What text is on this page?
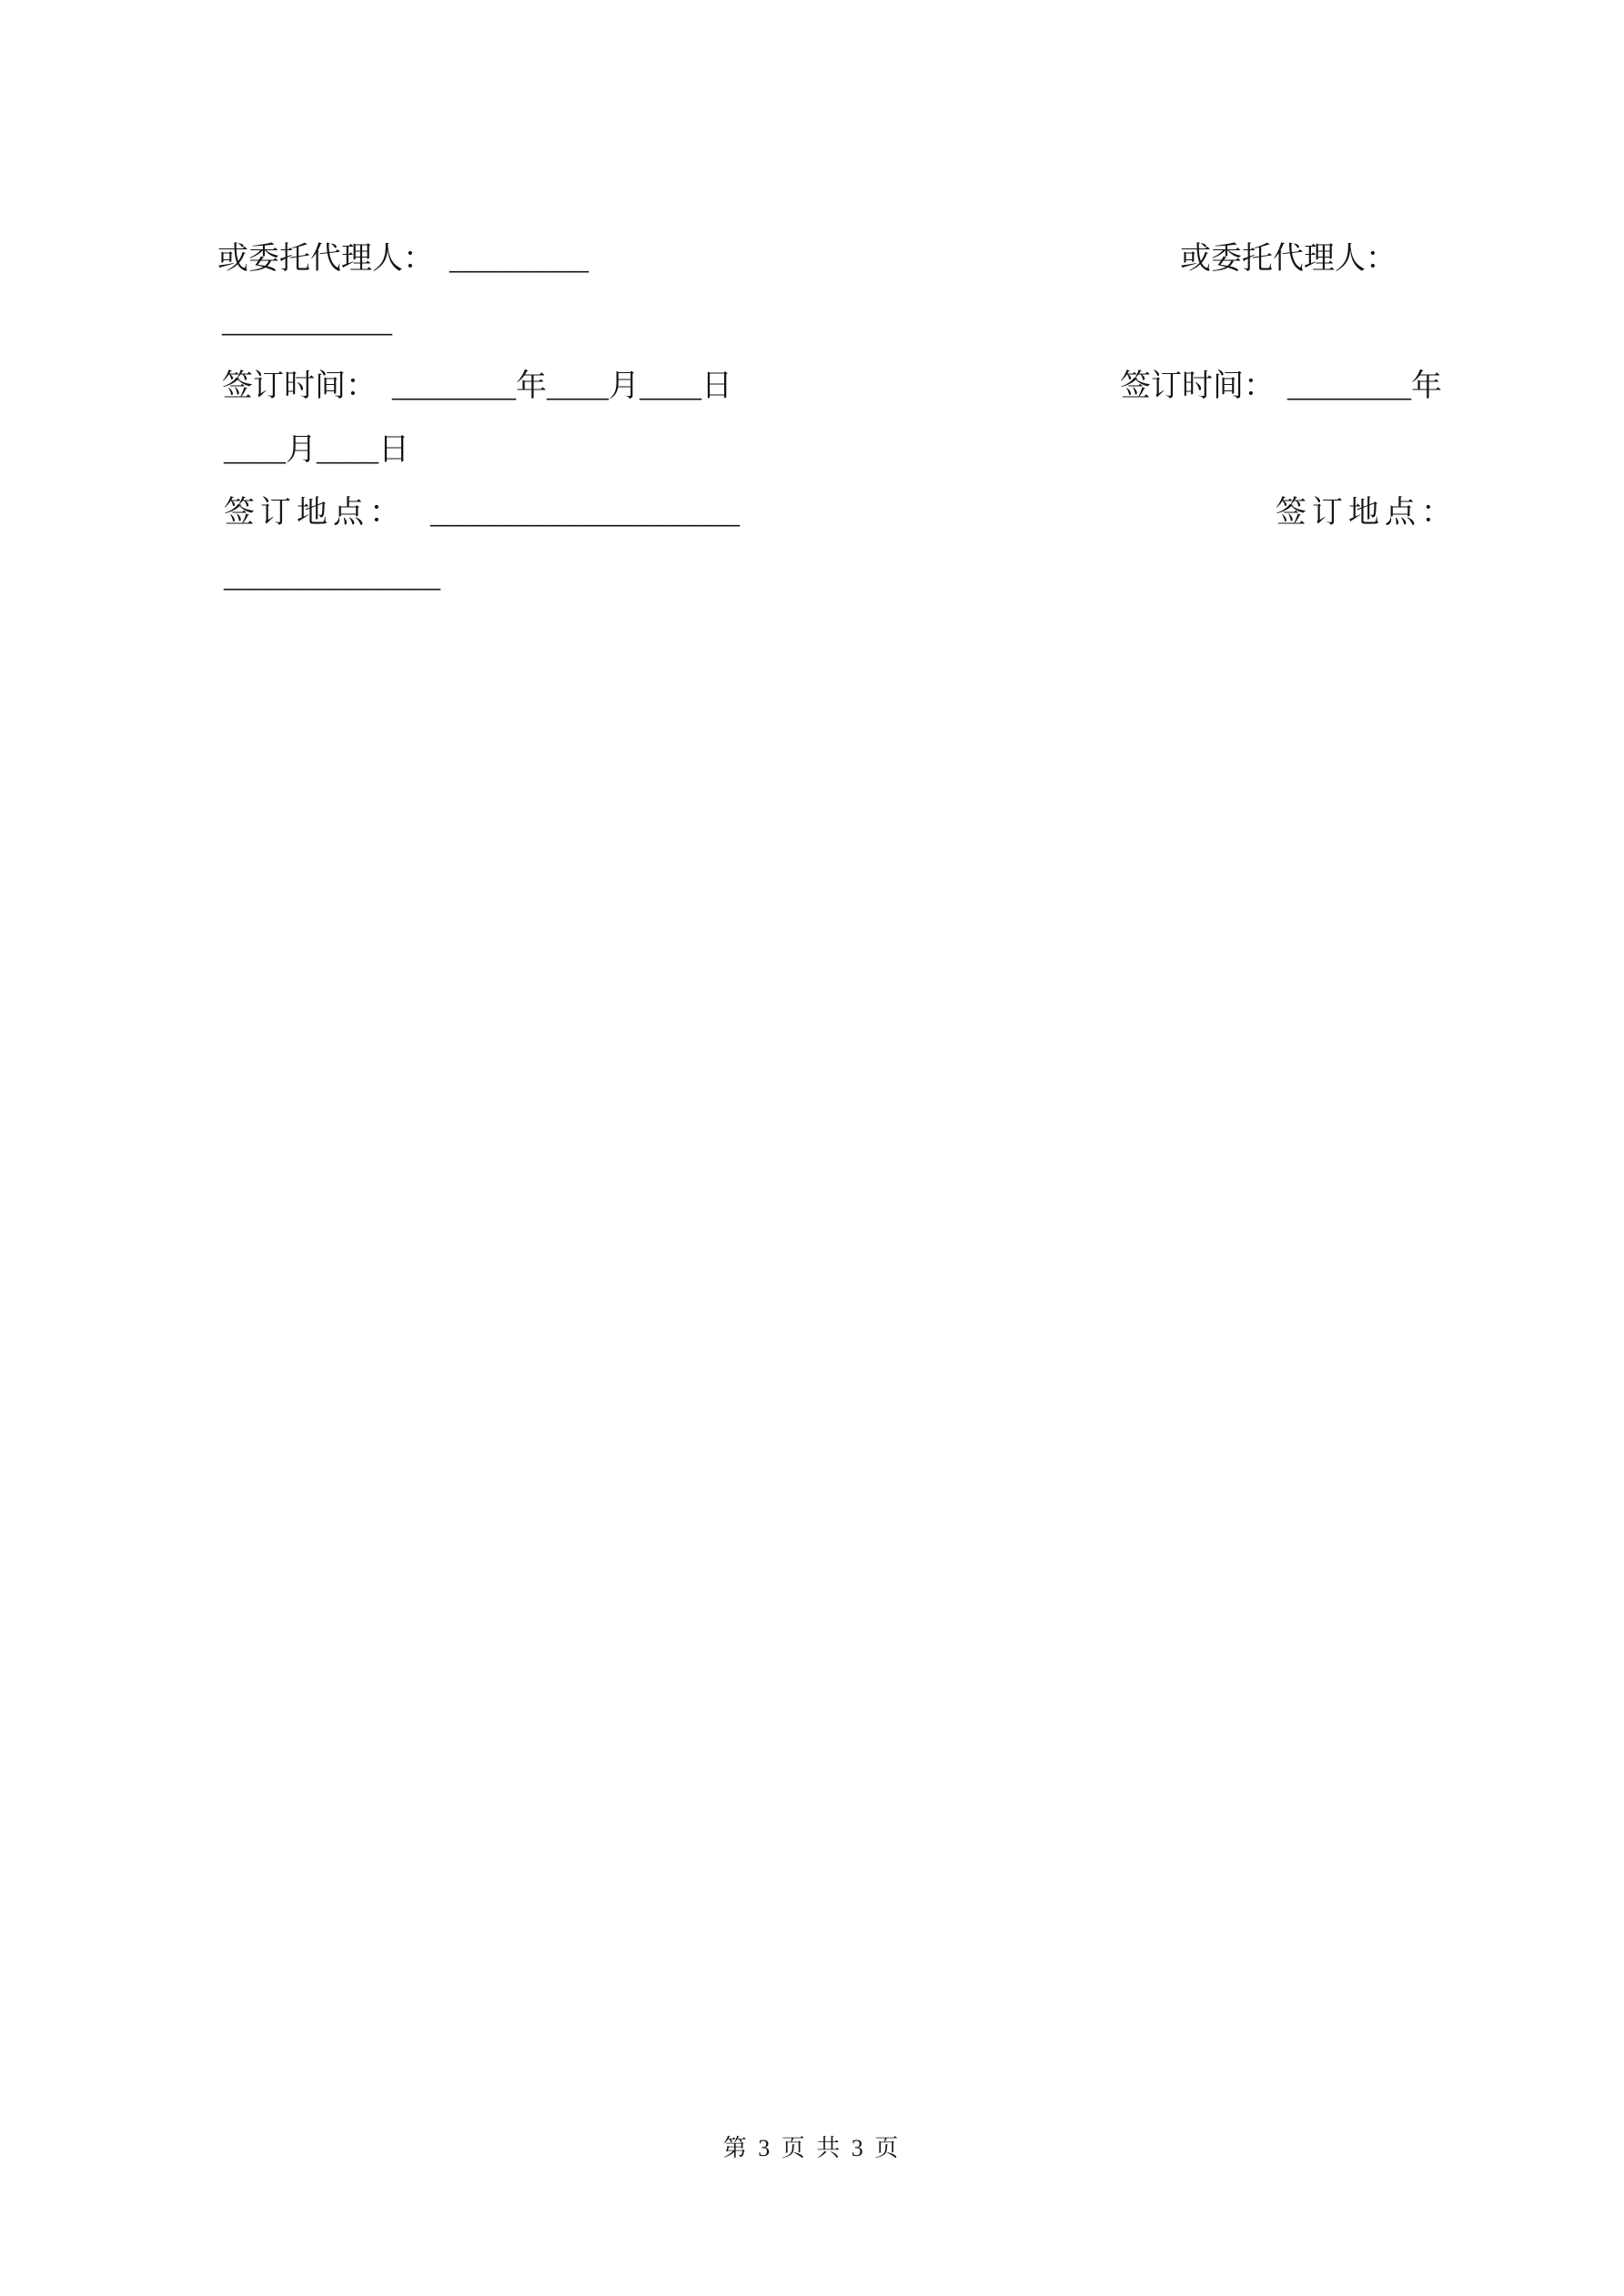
或委托代理人： _________

___________

签订时间： ________年____月____日

____月____日

签订地点： ____________________

______________

或委托代理人：

签订时间： ________年

签订地点：

第 3 页 共 3 页
